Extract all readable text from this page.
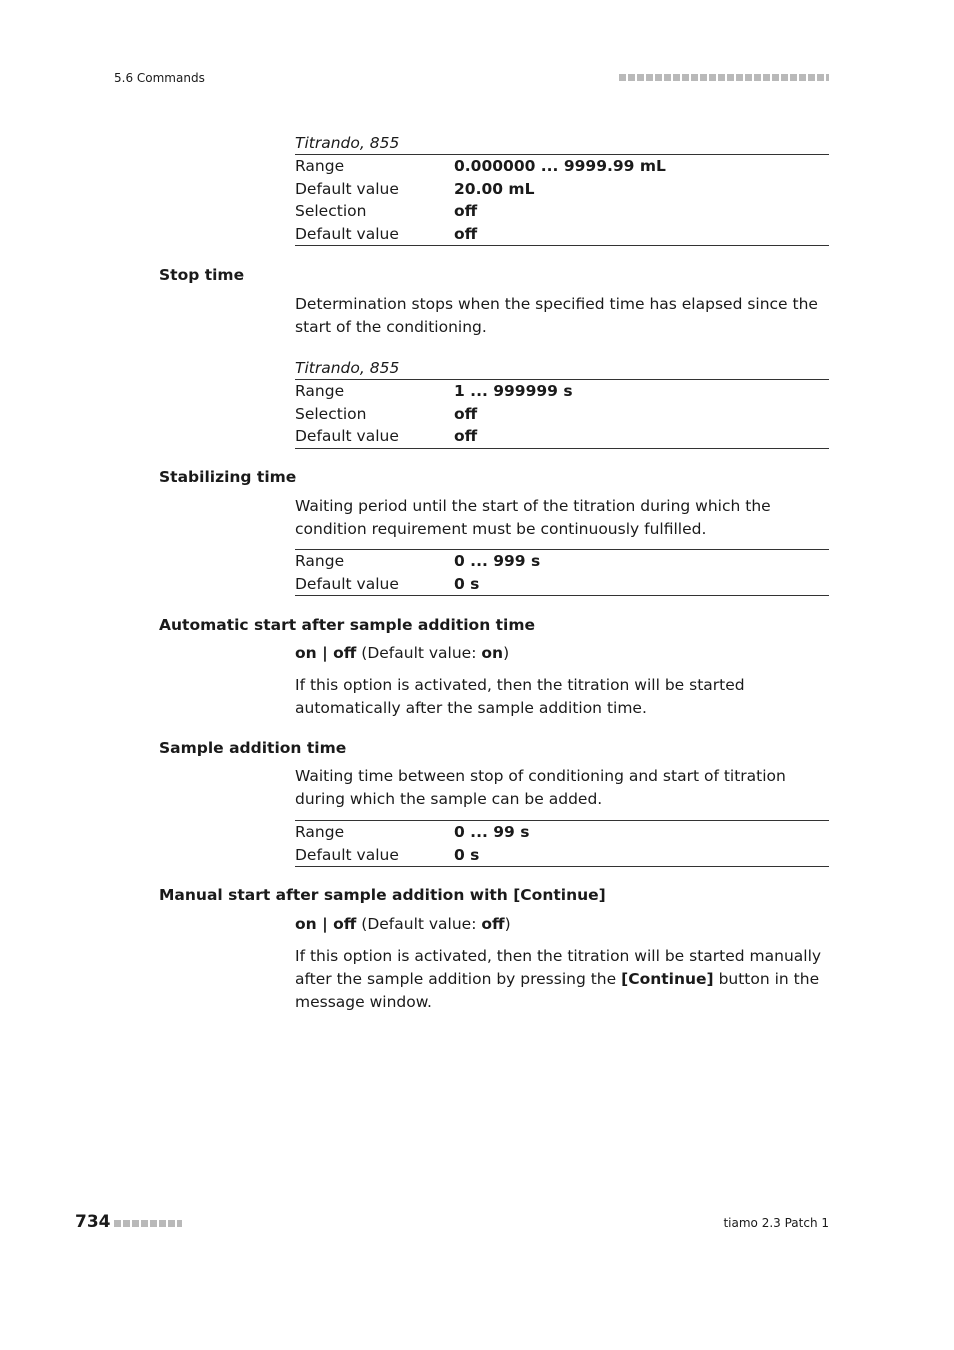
5.6 Commands
Titrando, 855
Range	0.000000 ... 9999.99 mL
Default value	20.00 mL
Selection	off
Default value	off
Stop time
Determination stops when the specified time has elapsed since the start of the conditioning.
Titrando, 855
Range	1 ... 999999 s
Selection	off
Default value	off
Stabilizing time
Waiting period until the start of the titration during which the condition requirement must be continuously fulfilled.
Range	0 ... 999 s
Default value	0 s
Automatic start after sample addition time
on | off (Default value: on)
If this option is activated, then the titration will be started automatically after the sample addition time.
Sample addition time
Waiting time between stop of conditioning and start of titration during which the sample can be added.
Range	0 ... 99 s
Default value	0 s
Manual start after sample addition with [Continue]
on | off (Default value: off)
If this option is activated, then the titration will be started manually after the sample addition by pressing the [Continue] button in the message window.
734	tiamo 2.3 Patch 1
